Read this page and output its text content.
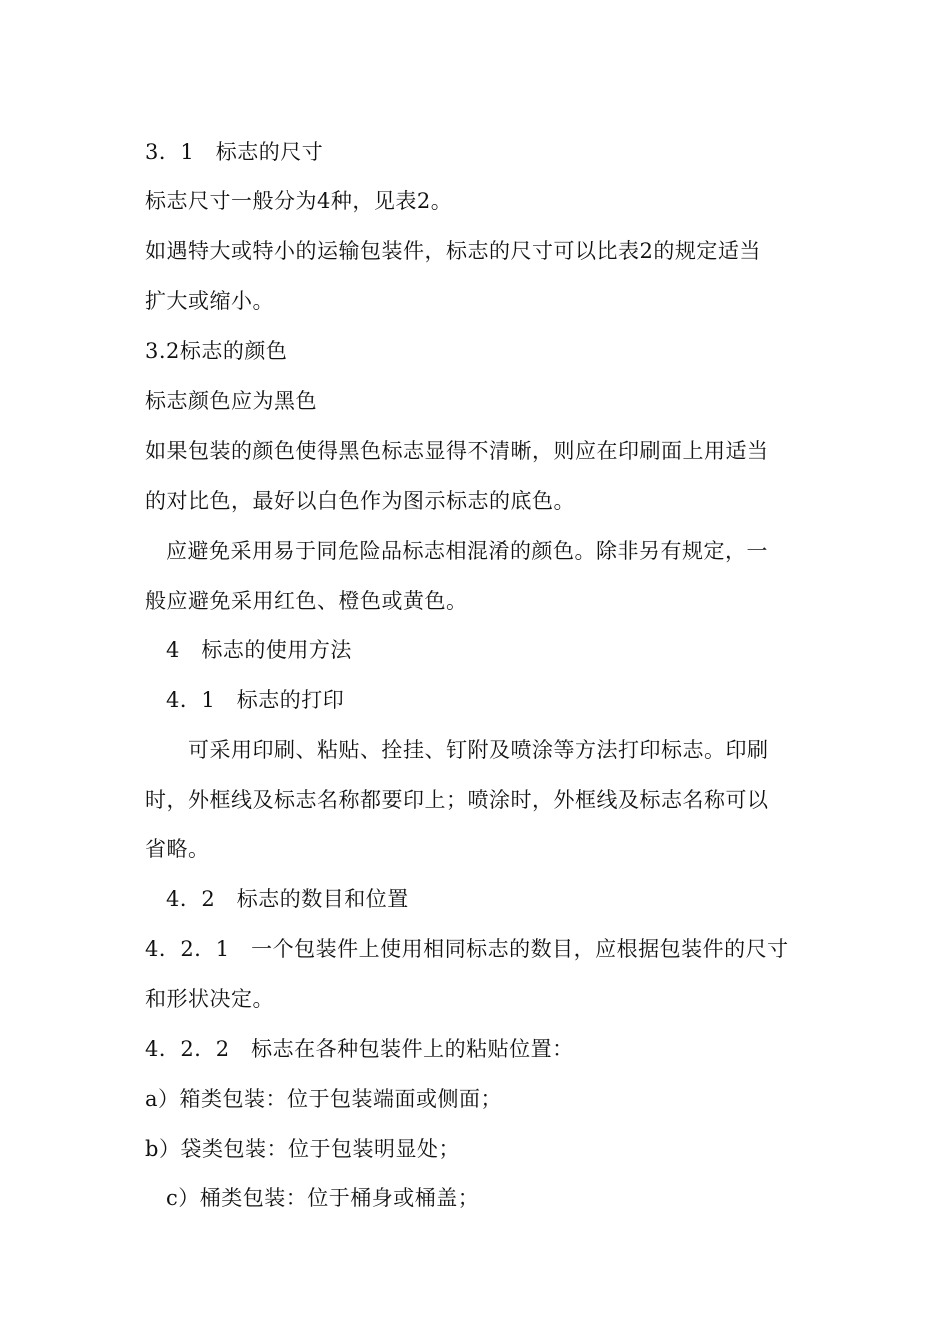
3．1　标志的尺寸
标志尺寸一般分为4种，见表2。
如遇特大或特小的运输包装件，标志的尺寸可以比表2的规定适当
扩大或缩小。
3.2标志的颜色
标志颜色应为黑色
如果包装的颜色使得黑色标志显得不清晰，则应在印刷面上用适当
的对比色，最好以白色作为图示标志的底色。
应避免采用易于同危险品标志相混淆的颜色。除非另有规定，一
般应避免采用红色、橙色或黄色。
4　标志的使用方法
4．1　标志的打印
可采用印刷、粘贴、拴挂、钉附及喷涂等方法打印标志。印刷
时，外框线及标志名称都要印上；喷涂时，外框线及标志名称可以
省略。
4．2　标志的数目和位置
4．2．1　一个包装件上使用相同标志的数目，应根据包装件的尺寸
和形状决定。
4．2．2　标志在各种包装件上的粘贴位置：
a）箱类包装：位于包装端面或侧面；
b）袋类包装：位于包装明显处；
c）桶类包装：位于桶身或桶盖；
